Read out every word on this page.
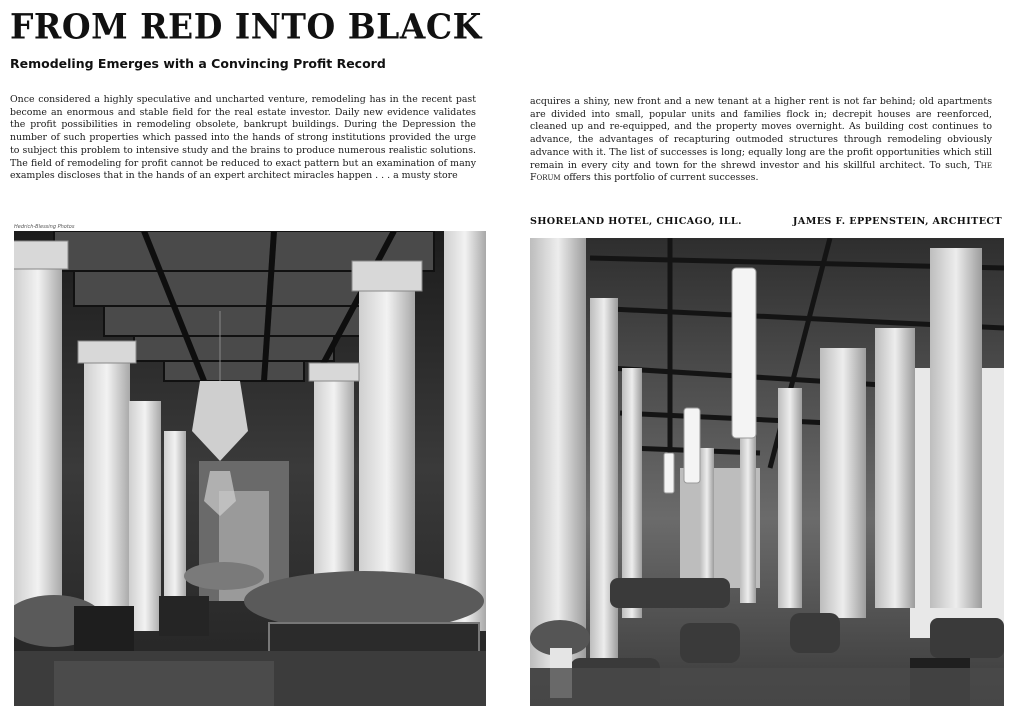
FROM RED INTO BLACK
Remodeling Emerges with a Convincing Profit Record

Once considered a highly speculative and uncharted venture, remodeling has in the recent past become an enormous and stable field for the real estate investor. Daily new evidence validates the profit possibilities in remodeling obsolete, bankrupt buildings. During the Depression the number of such properties which passed into the hands of strong institutions provided the urge to subject this problem to intensive study and the brains to produce numerous realistic solutions. The field of remodeling for profit cannot be reduced to exact pattern but an examination of many examples discloses that in the hands of an expert architect miracles happen . . . a musty store

Hedrich-Blessing Photos

acquires a shiny, new front and a new tenant at a higher rent is not far behind; old apartments are divided into small, popular units and families flock in; decrepit houses are reenforced, cleaned up and re-equipped, and the property moves overnight. As building cost continues to advance, the advantages of recapturing outmoded structures through remodeling obviously advance with it. The list of successes is long; equally long are the profit opportunities which still remain in every city and town for the shrewd investor and his skillful architect. To such, The Forum offers this portfolio of current successes.

SHORELAND HOTEL, CHICAGO, ILL.	JAMES F. EPPENSTEIN, ARCHITECT
